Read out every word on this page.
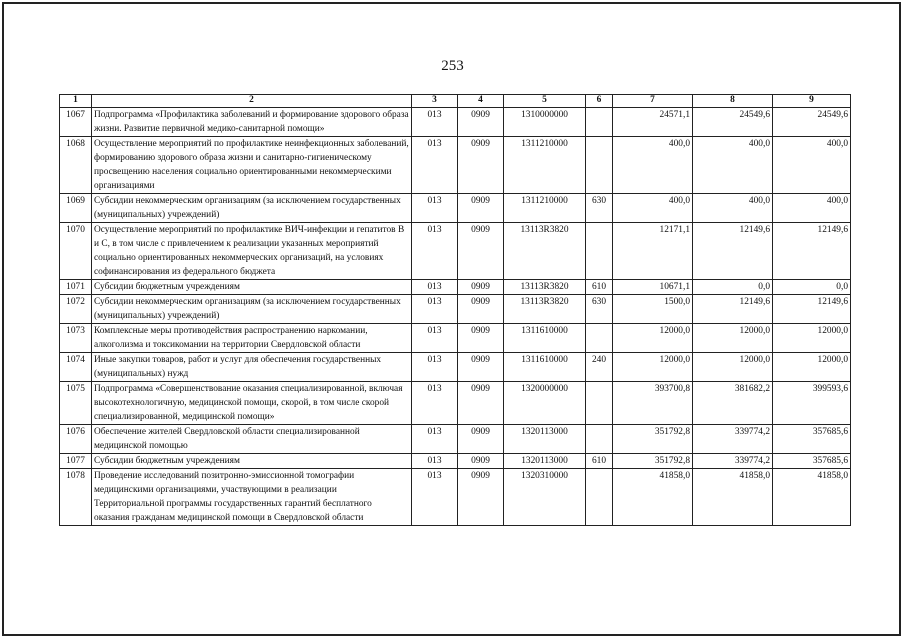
253
1	2	3	4	5	6	7	8	9
1067	Подпрограмма «Профилактика заболеваний и формирование здорового образа жизни. Развитие первичной медико-санитарной помощи»	013	0909	1310000000		24571,1	24549,6	24549,6
1068	Осуществление мероприятий по профилактике неинфекционных заболеваний, формированию здорового образа жизни и санитарно-гигиеническому просвещению населения социально ориентированными некоммерческими организациями	013	0909	1311210000		400,0	400,0	400,0
1069	Субсидии некоммерческим организациям (за исключением государственных (муниципальных) учреждений)	013	0909	1311210000	630	400,0	400,0	400,0
1070	Осуществление мероприятий по профилактике ВИЧ-инфекции и гепатитов В и С, в том числе с привлечением к реализации указанных мероприятий социально ориентированных некоммерческих организаций, на условиях софинансирования из федерального бюджета	013	0909	13113R3820		12171,1	12149,6	12149,6
1071	Субсидии бюджетным учреждениям	013	0909	13113R3820	610	10671,1	0,0	0,0
1072	Субсидии некоммерческим организациям (за исключением государственных (муниципальных) учреждений)	013	0909	13113R3820	630	1500,0	12149,6	12149,6
1073	Комплексные меры противодействия распространению наркомании, алкоголизма и токсикомании на территории Свердловской области	013	0909	1311610000		12000,0	12000,0	12000,0
1074	Иные закупки товаров, работ и услуг для обеспечения государственных (муниципальных) нужд	013	0909	1311610000	240	12000,0	12000,0	12000,0
1075	Подпрограмма «Совершенствование оказания специализированной, включая высокотехнологичную, медицинской помощи, скорой, в том числе скорой специализированной, медицинской помощи»	013	0909	1320000000		393700,8	381682,2	399593,6
1076	Обеспечение жителей Свердловской области специализированной медицинской помощью	013	0909	1320113000		351792,8	339774,2	357685,6
1077	Субсидии бюджетным учреждениям	013	0909	1320113000	610	351792,8	339774,2	357685,6
1078	Проведение исследований позитронно-эмиссионной томографии медицинскими организациями, участвующими в реализации Территориальной программы государственных гарантий бесплатного оказания гражданам медицинской помощи в Свердловской области	013	0909	1320310000		41858,0	41858,0	41858,0
